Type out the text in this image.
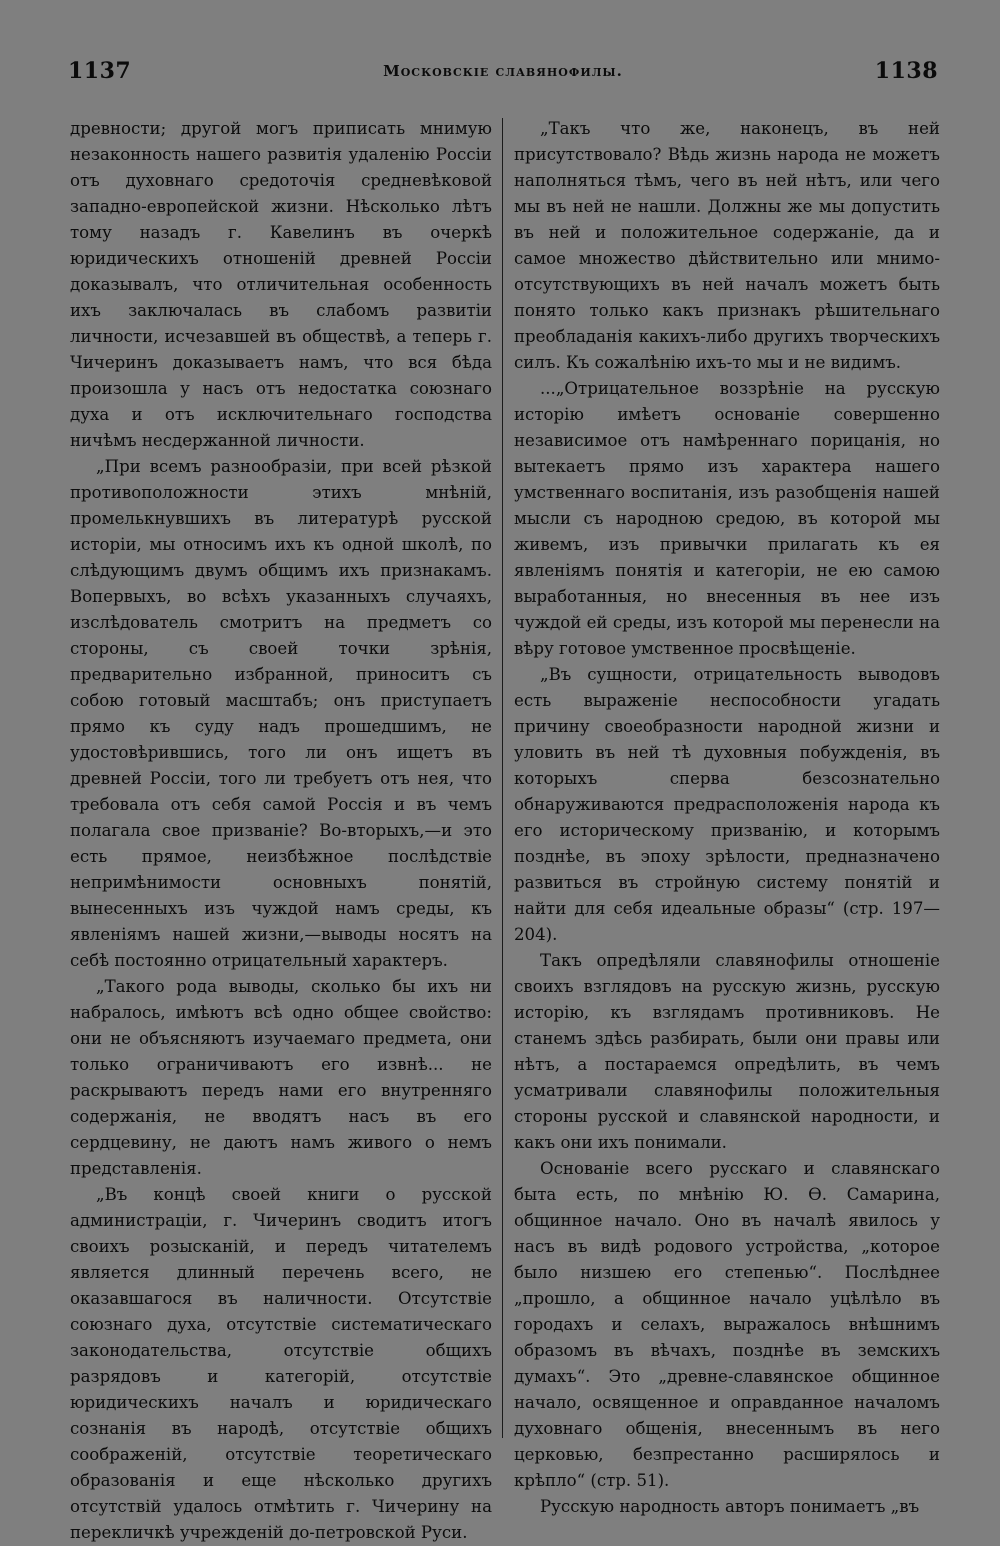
1137	Московскіе славянофилы.	1138

древности; другой могъ приписать мнимую незаконность нашего развитія удаленію Россіи отъ духовнаго средоточія средневѣковой западно-европейской жизни. Нѣсколько лѣтъ тому назадъ г. Кавелинъ въ очеркѣ юридическихъ отношеній древней Россіи доказывалъ, что отличительная особенность ихъ заключалась въ слабомъ развитіи личности, исчезавшей въ обществѣ, а теперь г. Чичеринъ доказываетъ намъ, что вся бѣда произошла у насъ отъ недостатка союзнаго духа и отъ исключительнаго господства ничѣмъ несдержанной личности.

„При всемъ разнообразіи, при всей рѣзкой противоположности этихъ мнѣній, промелькнувшихъ въ литературѣ русской исторіи, мы относимъ ихъ къ одной школѣ, по слѣдующимъ двумъ общимъ ихъ признакамъ. Вопервыхъ, во всѣхъ указанныхъ случаяхъ, изслѣдователь смотритъ на предметъ со стороны, съ своей точки зрѣнія, предварительно избранной, приноситъ съ собою готовый масштабъ; онъ приступаетъ прямо къ суду надъ прошедшимъ, не удостовѣрившись, того ли онъ ищетъ въ древней Россіи, того ли требуетъ отъ нея, что требовала отъ себя самой Россія и въ чемъ полагала свое призваніе? Во-вторыхъ,—и это есть прямое, неизбѣжное послѣдствіе непримѣнимости основныхъ понятій, вынесенныхъ изъ чуждой намъ среды, къ явленіямъ нашей жизни,—выводы носятъ на себѣ постоянно отрицательный характеръ.

„Такого рода выводы, сколько бы ихъ ни набралось, имѣютъ всѣ одно общее свойство: они не объясняютъ изучаемаго предмета, они только ограничиваютъ его извнѣ... не раскрываютъ передъ нами его внутренняго содержанія, не вводятъ насъ въ его сердцевину, не даютъ намъ живого о немъ представленія.

„Въ концѣ своей книги о русской администраціи, г. Чичеринъ сводитъ итогъ своихъ розысканій, и передъ читателемъ является длинный перечень всего, не оказавшагося въ наличности. Отсутствіе союзнаго духа, отсутствіе систематическаго законодательства, отсутствіе общихъ разрядовъ и категорій, отсутствіе юридическихъ началъ и юридическаго сознанія въ народѣ, отсутствіе общихъ соображеній, отсутствіе теоретическаго образованія и еще нѣсколько другихъ отсутствій удалось отмѣтить г. Чичерину на перекличкѣ учрежденій до-петровской Руси.

„Такъ что же, наконецъ, въ ней присутствовало? Вѣдь жизнь народа не можетъ наполняться тѣмъ, чего въ ней нѣтъ, или чего мы въ ней не нашли. Должны же мы допустить въ ней и положительное содержаніе, да и самое множество дѣйствительно или мнимо-отсутствующихъ въ ней началъ можетъ быть понято только какъ признакъ рѣшительнаго преобладанія какихъ-либо другихъ творческихъ силъ. Къ сожалѣнію ихъ-то мы и не видимъ.

...„Отрицательное воззрѣніе на русскую исторію имѣетъ основаніе совершенно независимое отъ намѣреннаго порицанія, но вытекаетъ прямо изъ характера нашего умственнаго воспитанія, изъ разобщенія нашей мысли съ народною средою, въ которой мы живемъ, изъ привычки прилагать къ ея явленіямъ понятія и категоріи, не ею самою выработанныя, но внесенныя въ нее изъ чуждой ей среды, изъ которой мы перенесли на вѣру готовое умственное просвѣщеніе.

„Въ сущности, отрицательность выводовъ есть выраженіе неспособности угадать причину своеобразности народной жизни и уловить въ ней тѣ духовныя побужденія, въ которыхъ сперва безсознательно обнаруживаются предрасположенія народа къ его историческому призванію, и которымъ позднѣе, въ эпоху зрѣлости, предназначено развиться въ стройную систему понятій и найти для себя идеальные образы“ (стр. 197—204).

Такъ опредѣляли славянофилы отношеніе своихъ взглядовъ на русскую жизнь, русскую исторію, къ взглядамъ противниковъ. Не станемъ здѣсь разбирать, были они правы или нѣтъ, а постараемся опредѣлить, въ чемъ усматривали славянофилы положительныя стороны русской и славянской народности, и какъ они ихъ понимали.

Основаніе всего русскаго и славянскаго быта есть, по мнѣнію Ю. Ѳ. Самарина, общинное начало. Оно въ началѣ явилось у насъ въ видѣ родового устройства, „которое было низшею его степенью“. Послѣднее „прошло, а общинное начало уцѣлѣло въ городахъ и селахъ, выражалось внѣшнимъ образомъ въ вѣчахъ, позднѣе въ земскихъ думахъ“. Это „древне-славянское общинное начало, освященное и оправданное началомъ духовнаго общенія, внесеннымъ въ него церковью, безпрестанно расширялось и крѣпло“ (стр. 51).

Русскую народность авторъ понимаетъ „въ
